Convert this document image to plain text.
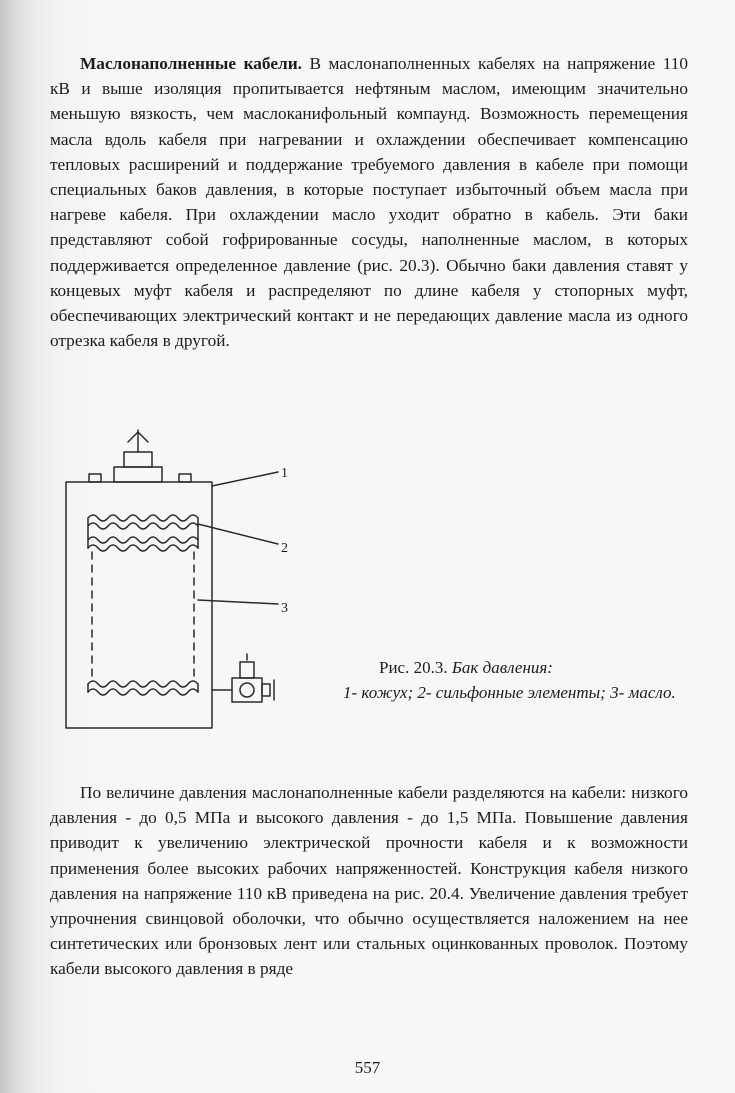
Маслонаполненные кабели. В маслонаполненных кабелях на напряжение 110 кВ и выше изоляция пропитывается нефтяным маслом, имеющим значительно меньшую вязкость, чем маслоканифольный компаунд. Возможность перемещения масла вдоль кабеля при нагревании и охлаждении обеспечивает компенсацию тепловых расширений и поддержание требуемого давления в кабеле при помощи специальных баков давления, в которые поступает избыточный объем масла при нагреве кабеля. При охлаждении масло уходит обратно в кабель. Эти баки представляют собой гофрированные сосуды, наполненные маслом, в которых поддерживается определенное давление (рис. 20.3). Обычно баки давления ставят у концевых муфт кабеля и распределяют по длине кабеля у стопорных муфт, обеспечивающих электрический контакт и не передающих давление масла из одного отрезка кабеля в другой.

1
2
3
Рис. 20.3. Бак давления:
1- кожух; 2- сильфонные элементы; 3- масло.

По величине давления маслонаполненные кабели разделяются на кабели: низкого давления - до 0,5 МПа и высокого давления - до 1,5 МПа. Повышение давления приводит к увеличению электрической прочности кабеля и к возможности применения более высоких рабочих напряженностей. Конструкция кабеля низкого давления на напряжение 110 кВ приведена на рис. 20.4. Увеличение давления требует упрочнения свинцовой оболочки, что обычно осуществляется наложением на нее синтетических или бронзовых лент или стальных оцинкованных проволок. Поэтому кабели высокого давления в ряде

557
